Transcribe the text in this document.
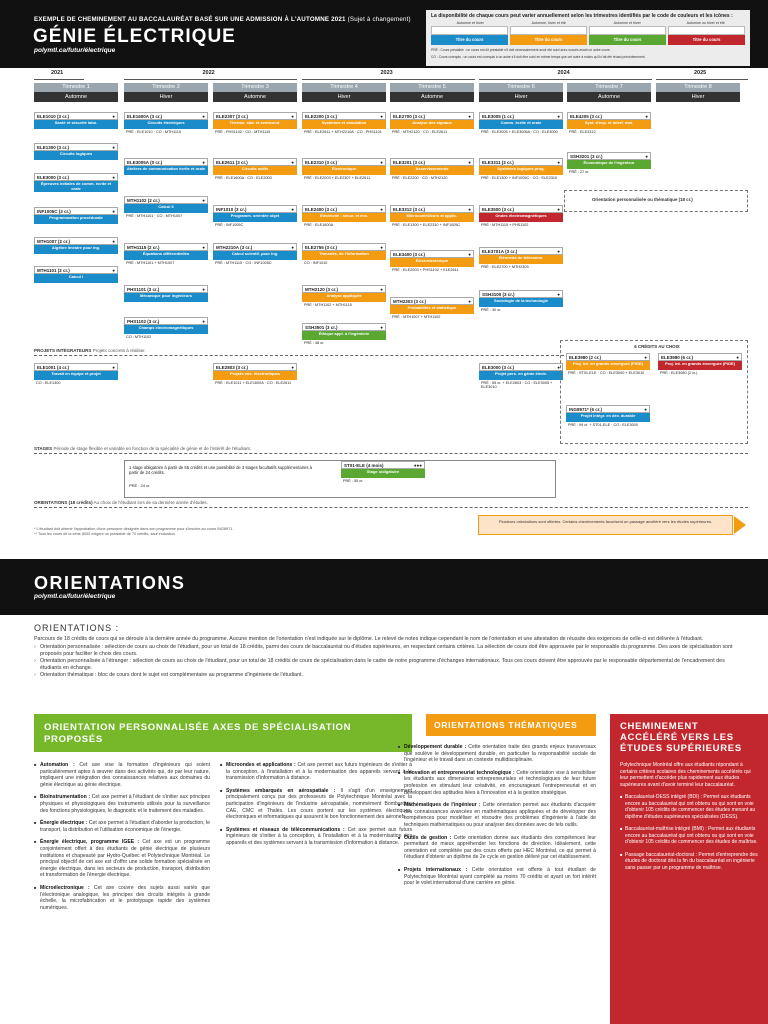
EXEMPLE DE CHEMINEMENT AU BACCALAURÉAT BASÉ SUR UNE ADMISSION À L'AUTOMNE 2021 (Sujet à changement)
GÉNIE ÉLECTRIQUE
polymtl.ca/futur/électrique
La disponibilité de chaque cours peut varier annuellement selon les trimestres identifiés par le code de couleurs et les icônes :
Automne et hiver	Automne, hiver et été	Automne et hiver	Automne ou hiver et été
Sigle (nbre cr.)
Titre du cours
Sigle (nbre cr.)
Titre du cours
Sigle (nbre cr.)
Titre du cours
Sigle (nbre cr.)
Titre du cours
PRÉ : Cours préalable : un cours est dit préalable s'il doit nécessairement avoir été suivi avec succès avant un autre cours.
CO : Cours corequis : un cours est corequis à un autre s'il doit être suivi en même temps que cet autre à moins qu'il n'ait été réussi précédemment.
2021	2022	2023	2024	2025
Trimestre 1
Automne
Trimestre 2
Hiver
Trimestre 3
Automne
Trimestre 4
Hiver
Trimestre 5
Automne
Trimestre 6
Hiver
Trimestre 7
Automne
Trimestre 8
Hiver
ELE1010 (3 cr.)	●
Santé et sécurité labo.
ELE1300 (3 cr.)	●
Circuits logiques
ELE3000 (3 cr.)	●
Épreuves initiales de comm. écrite et orale
INF1005C (3 cr.)	●
Programmation procédurale
MTH1007 (2 cr.)	●
Algèbre linéaire pour ing.
MTH1101 (2 cr.)	●
Calcul I
ELE1600A (3 cr.)	●
Circuits électriques
PRÉ : ELE1010 · CO : MTH1115
ELE3005A (0 cr.)	●
Ateliers de communication écrite et orale
MTH1102 (2 cr.)	●
Calcul II
PRÉ : MTH1101 · CO : MTH1007
MTH1115 (2 cr.)	●
Équations différentielles
PRÉ : MTH1101 + MTH1007
PHS1101 (3 cr.)	●
Mécanique pour ingénieurs
PHS1102 (3 cr.)	●
Champs électromagnétiques
CO : MTH1102
ELE2307 (3 cr.)	●
Thermo. stat. et semicond.
PRÉ : PHS1102 · CO : MTH1115
ELE2611 (3 cr.)	●
Circuits actifs
PRÉ : ELE1600A · CO : ELE2003
INF1010 (3 cr.)	●
Programm. orientée objet
PRÉ : INF1005C
MTH2210A (3 cr.)	●
Calcul scientif. pour ing.
PRÉ : MTH1115 · CO : INF1005C
ELE2200 (3 cr.)	●
Systèmes et simulation
PRÉ : ELE2611 + MTH2210A · CO : PHS1101
ELE2310 (3 cr.)	●
Électronique
PRÉ : ELE2003 + ELE2307 + ELE2611
ELE2400 (3 cr.)	●
Électricité : sécur. et env.
PRÉ : ELE1600A
ELE2755 (3 cr.)	●
Transmis. de l'information
CO : INF1010
MTH2120 (3 cr.)	●
Analyse appliquée
PRÉ : MTH1102 + MTH1115
SSH3501 (3 cr.)	●
Éthique appl. à l'ingénierie
PRÉ : 48 cr.
ELE2700 (3 cr.)	●
Analyse des signaux
PRÉ : MTH2120 · CO : ELE2611
ELE3201 (3 cr.)	●
Asservissements
PRÉ : ELE2200 · CO : MTH2120
ELE3312 (3 cr.)	●
Microcontrôleurs et applic.
PRÉ : ELE1300 + ELE2310 + INF1005C
ELE3400 (3 cr.)	●
Électrotechnique
PRÉ : ELE2003 + PHS1102 + ELE2611
MTH2303 (3 cr.)	●
Probabilités et statistique
PRÉ : MTH1007 + MTH1102
ELE3005 (1 cr.)	●
Comm. écrite et orale
PRÉ : ELE3005 + ELE3005A · CO : ELE3000
ELE3311 (3 cr.)	●
Systèmes logiques prog.
PRÉ : ELE1300 + INF1005C · CO : ELE2310
ELE3500 (3 cr.)	●
Ondes électromagnétiques
PRÉ : MTH1115 + PHS1102
ELE3701A (3 cr.)	●
Éléments de télécomm.
PRÉ : ELE2700 + MTH2303
SSH3100 (3 cr.)	●
Sociologie de la technologie
PRÉ : 30 cr.
ELE4205 (3 cr.)	●
Syst. d'exp. et interf. mat.
PRÉ : ELE3312
SSH3201 (3 cr.)	●
Économique de l'ingénieur
PRÉ : 27 cr.
ELE1001 (4 cr.)	●
Travail en équipe et projet
CO : ELE1300
ELE2803 (3 cr.)	●
Projets circ. électroniques
PRÉ : ELE1011 + ELE1600A · CO : ELE2611
ELE3000 (3 cr.)	●
Projet pers. en génie électr.
PRÉ : 55 cr. + ELE2803 · CO : ELE3005 + ELE3010
ELE3980 (2 cr.)	●
Proj. int. en grands envergure (PIGE)
PRÉ : ST01-ELE · CO : ELE3000 + ELE3010
ELE3980 (6 cr.)	●
Proj. int. en grands envergure (PIGE)
PRÉ : ELE3080 (2 cr.)
ING8971* (6 cr.)	●
Projet intégr. en dév. durable
PRÉ : 99 cr. + ST01-ELE · CO : ELE3000
Orientation personnalisée ou thématique (18 cr.)
PROJETS INTÉGRATEURS Projets concrets à réaliser.
6 CRÉDITS AU CHOIX
STAGES Période de stage flexible et variable en fonction de la spécialité de génie et de l'intérêt de l'étudiant.
1 stage obligatoire à partir de 55 crédits et une possibilité de 3 stages facultatifs supplémentaires à partir de 24 crédits.
PRÉ : 24 cr.
ST01-ELE (4 mois)	●●●
Stage obligatoire
PRÉ : 55 cr.
ORIENTATIONS (18 crédits) Au choix de l'étudiant lors de sa dernière année d'études.
* L'étudiant doit obtenir l'approbation d'une personne désignée dans son programme pour s'inscrire au cours ING8971.
** Tous les cours de la série 8000 exigent un préalable de 70 crédits, sauf indication.
Plusieurs orientations sont offertes. Certains cheminements favorisent un passage accéléré vers les études supérieures.
ORIENTATIONS
polymtl.ca/futur/électrique
ORIENTATIONS :
Parcours de 18 crédits de cours qui se déroule à la dernière année du programme. Aucune mention de l'orientation n'est indiquée sur le diplôme. Le relevé de notes indique cependant le nom de l'orientation et une attestation de réussite des exigences de celle-ci est délivrée à l'étudiant.
› Orientation personnalisée : sélection de cours au choix de l'étudiant, pour un total de 18 crédits, parmi des cours de baccalauréat ou d'études supérieures, en respectant certains critères. La sélection de cours doit être approuvée par le responsable du programme. Des axes de spécialisation sont proposés pour faciliter le choix des cours.
› Orientation personnalisée à l'étranger : sélection de cours au choix de l'étudiant, pour un total de 18 crédits de cours de spécialisation dans le cadre de notre programme d'échanges internationaux. Tous ces cours doivent être approuvés par le responsable départemental de l'encadrement des étudiants en échange.
› Orientation thématique : bloc de cours dont le sujet est complémentaire au programme d'ingénierie de l'étudiant.
ORIENTATION PERSONNALISÉE AXES DE SPÉCIALISATION PROPOSÉS
ORIENTATIONS THÉMATIQUES	CHEMINEMENT ACCÉLÉRÉ VERS LES ÉTUDES SUPÉRIEURES
Polytechnique Montréal offre aux étudiants répondant à certains critères scolaires des cheminements accélérés qui leur permettent d'accéder plus rapidement aux études supérieures avant d'avoir terminé leur baccalauréat.
■ Baccalauréat-DESS intégré (BDI) : Permet aux étudiants encore au baccalauréat qui ont obtenu ou qui sont en voie d'obtenir 105 crédits de commencer des études menant au diplôme d'études supérieures spécialisées (DESS).
■ Baccalauréat-maîtrise intégré (BMI) : Permet aux étudiants encore au baccalauréat qui ont obtenu ou qui sont en voie d'obtenir 105 crédits de commencer des études de maîtrise.
■ Passage baccalauréat-doctorat : Permet d'entreprendre des études de doctorat dès la fin du baccalauréat en ingénierie sans passer par un programme de maîtrise.
■ Automation : Cet axe vise la formation d'ingénieurs qui soient particulièrement aptes à œuvrer dans des activités qui, de par leur nature, impliquent une intégration des connaissances relatives aux domaines du génie électrique au génie électrique.
■ Bioinstrumentation : Cet axe permet à l'étudiant de s'initier aux principes physiques et physiologiques des instruments utilisés pour la surveillance des fonctions physiologiques, le diagnostic et le traitement des maladies.
■ Énergie électrique : Cet axe permet à l'étudiant d'aborder la production, le transport, la distribution et l'utilisation économique de l'énergie.
■ Énergie électrique, programme IGEE : Cet axe est un programme conjointement offert à des étudiants de génie électrique de plusieurs institutions et chapeauté par Hydro-Québec et Polytechnique Montréal. Le principal objectif de cet axe est d'offrir une solide formation spécialisée en énergie électrique, dans les secteurs de production, transport, distribution et transformation de l'énergie électrique.
■ Microélectronique : Cet axe couvre des sujets aussi variés que l'électronique analogique, les principes des circuits intégrés à grande échelle, la microfabrication et le prototypage rapide des systèmes numériques.
■ Microondes et applications : Cet axe permet aux futurs ingénieurs de s'initier à la conception, à l'installation et à la modernisation des appareils servant à la transmission d'information à distance.
■ Systèmes embarqués en aérospatiale : Il s'agit d'un enseignement principalement conçu par des professeurs de Polytechnique Montréal avec la participation d'ingénieurs de l'industrie aérospatiale, nommément Bombardier, CAE, CMC et Thalès. Les cours portent sur les systèmes électriques, électroniques et informatiques qui assurent le bon fonctionnement des aéronefs.
■ Systèmes et réseaux de télécommunications : Cet axe permet aux futurs ingénieurs de s'initier à la conception, à l'installation et à la modernisation des appareils et des systèmes servant à la transmission d'information à distance.
■ Développement durable : Cette orientation traite des grands enjeux transversaux que soulève le développement durable, en particulier la responsabilité sociale de l'ingénieur et le travail dans un contexte multidisciplinaire.
■ Innovation et entrepreneuriat technologique : Cette orientation vise à sensibiliser les étudiants aux dimensions entrepreneuriales et technologiques de leur future profession en stimulant leur créativité, en encourageant l'entrepreneuriat et en développant des aptitudes liées à l'innovation et à la gestion stratégique.
■ Mathématiques de l'ingénieur : Cette orientation permet aux étudiants d'acquérir des connaissances avancées en mathématiques appliquées et de développer des compétences pour modéliser et résoudre des problèmes d'ingénierie à l'aide de techniques mathématiques ou pour analyser des données avec de tels outils.
■ Outils de gestion : Cette orientation donne aux étudiants des compétences leur permettant de mieux appréhender les fonctions de direction. Idéalement, cette orientation est complétée par des cours offerts par HEC Montréal, ce qui permet à l'étudiant d'obtenir un diplôme de 2e cycle en gestion délivré par cet établissement.
■ Projets internationaux : Cette orientation est offerte à tout étudiant de Polytechnique Montréal ayant complété au moins 70 crédits et ayant un fort intérêt pour le volet international d'une carrière en génie.
